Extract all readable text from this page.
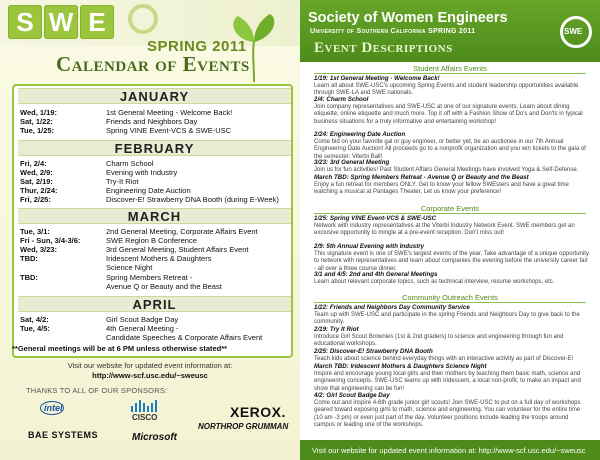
S W E
SPRING 2011
Calendar of Events
JANUARY
Wed, 1/19:	1st General Meeting - Welcome Back!
Sat, 1/22:	Friends and Neighbors Day
Tue, 1/25:	Spring VINE Event-VCS & SWE-USC
FEBRUARY
Fri, 2/4:	Charm School
Wed, 2/9:	Evening with Industry
Sat, 2/19:	Try-It Riot
Thur, 2/24:	Engineering Date Auction
Fri, 2/25:	Discover-E! Strawberry DNA Booth (during E-Week)
MARCH
Tue, 3/1:	2nd General Meeting, Corporate Affairs Event
Fri - Sun, 3/4-3/6:	SWE Region B Conference
Wed, 3/23:	3rd General Meeting, Student Affairs Event
TBD:	Iridescent Mothers & Daughters
Science Night
TBD:	Spring Members Retreat -
Avenue Q or Beauty and the Beast
APRIL
Sat, 4/2:	Girl Scout Badge Day
Tue, 4/5:	4th General Meeting -
Candidate Speeches & Corporate Affairs Event
**General meetings will be at 6 PM unless otherwise stated**
Visit our website for updated event information at:
http://www-scf.usc.edu/~sweusc
THANKS TO ALL OF OUR SPONSORS:
intel
CISCO	XEROX.
BAE SYSTEMS	Microsoft
NORTHROP GRUMMAN
Society of Women Engineers
University of Southern California SPRING 2011
Event Descriptions
SWE
Student Affairs Events
1/19: 1st General Meeting - Welcome Back!
Learn all about SWE-USC's upcoming Spring Events and student leadership opportunities available through SWE-LA and SWE nationals.
2/4: Charm School
Join company representatives and SWE-USC at one of our signature events. Learn about dining etiquette, online etiquette and much more. Top it off with a Fashion Show of Do's and Don'ts in typical business situations for a truly informative and entertaining workshop!
2/24: Engineering Date Auction
Come bid on your favorite gal or guy engineer, or better yet, be an auctionee in our 7th Annual Engineering Date Auction! All proceeds go to a nonprofit organization and you win tickets to the gala of the semester: Viterbi Ball!
3/23: 3rd General Meeting
Join us for fun activities! Past Student Affairs General Meetings have involved Yoga & Self-Defense.
March TBD: Spring Members Retreat - Avenue Q or Beauty and the Beast
Enjoy a fun retreat for members ONLY. Get to know your fellow SWEsters and have a great time watching a musical at Pantages Theater, Let us know your preference!
Corporate Events
1/25: Spring VINE Event-VCS & SWE-USC
Network with industry representatives at the Viterbi Industry Network Event. SWE members get an exclusive opportunity to mingle at a pre-event reception. Don't miss out!
2/9: 5th Annual Evening with Industry
This signature event is one of SWE's largest events of the year. Take advantage of a unique opportunity to network with representatives and learn about companies the evening before the university career fair - all over a three course dinner.
3/1 and 4/5: 2nd and 4th General Meetings
Learn about relevant corporate topics, such as technical interview, resume workshops, etc.
Community Outreach Events
1/22: Friends and Neighbors Day Community Service
Team up with SWE-USC and participate in the spring Friends and Neighbors Day to give back to the community.
2/19: Try It Riot
Introduce Girl Scout Brownies (1st & 2nd graders) to science and engineering through fun and educational workshops.
2/25: Discover-E! Strawberry DNA Booth
Teach kids about science behind everyday things with an interactive activity as part of Discover-E!
March TBD: Iridescent Mothers & Daughters Science Night
Inspire and encourage young local girls and their mothers by teaching them basic math, science and engineering concepts. SWE-USC teams up with Iridescent, a local non-profit, to make an impact and show that engineering can be fun!
4/2: Girl Scout Badge Day
Come out and inspire 4-6th grade junior girl scouts! Join SWE-USC to put on a full day of workshops geared toward exposing girls to math, science and engineering. You can volunteer for the entire time (10 am -3 pm) or even just part of the day. Volunteer positions include leading the troops around campus or leading one of the workshops.
Visit our website for updated event information at: http://www-scf.usc.edu/~sweusc
